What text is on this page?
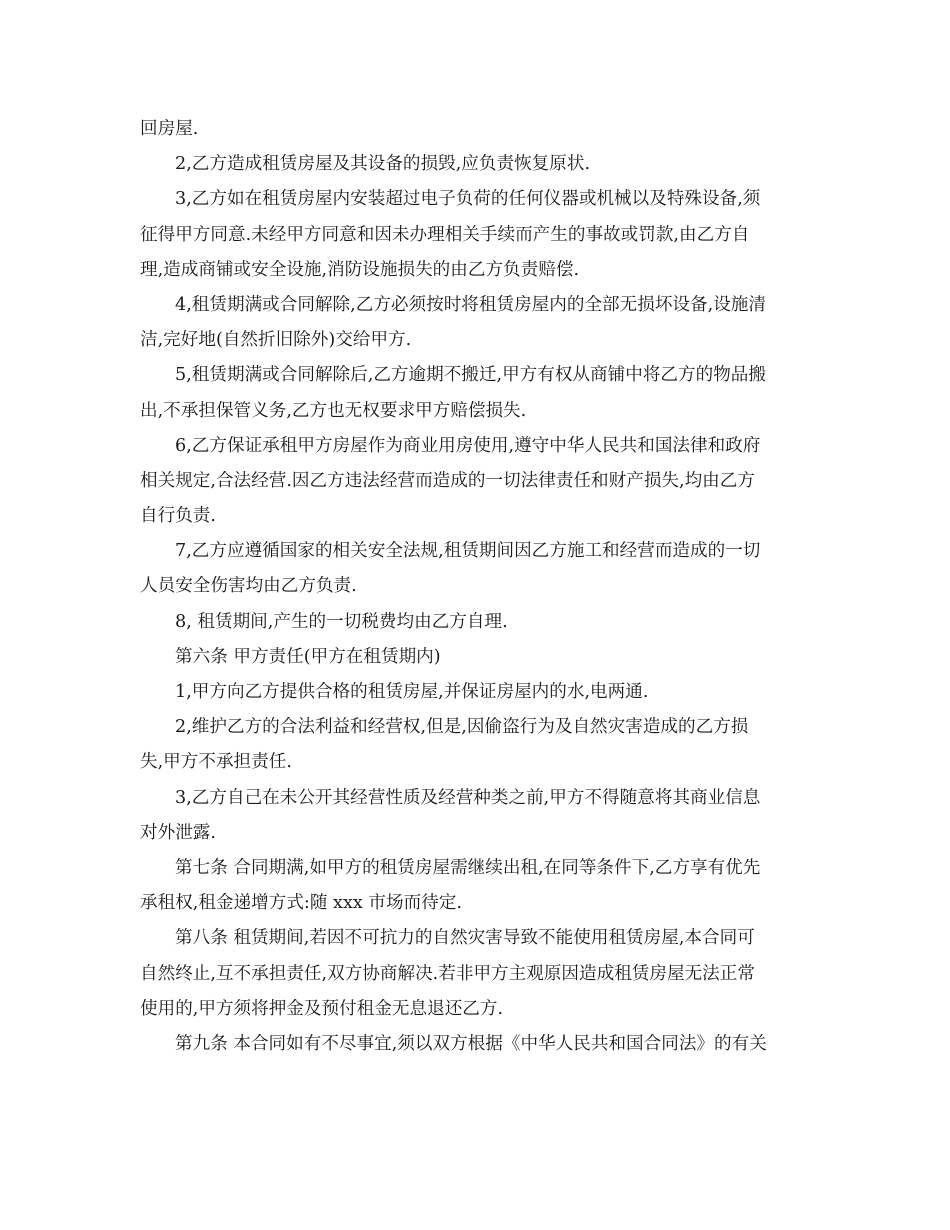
回房屋.
2,乙方造成租赁房屋及其设备的损毁,应负责恢复原状.
3,乙方如在租赁房屋内安装超过电子负荷的任何仪器或机械以及特殊设备,须
征得甲方同意.未经甲方同意和因未办理相关手续而产生的事故或罚款,由乙方自
理,造成商铺或安全设施,消防设施损失的由乙方负责赔偿.
4,租赁期满或合同解除,乙方必须按时将租赁房屋内的全部无损坏设备,设施清
洁,完好地(自然折旧除外)交给甲方.
5,租赁期满或合同解除后,乙方逾期不搬迁,甲方有权从商铺中将乙方的物品搬
出,不承担保管义务,乙方也无权要求甲方赔偿损失.
6,乙方保证承租甲方房屋作为商业用房使用,遵守中华人民共和国法律和政府
相关规定,合法经营.因乙方违法经营而造成的一切法律责任和财产损失,均由乙方
自行负责.
7,乙方应遵循国家的相关安全法规,租赁期间因乙方施工和经营而造成的一切
人员安全伤害均由乙方负责.
8, 租赁期间,产生的一切税费均由乙方自理.
第六条 甲方责任(甲方在租赁期内)
1,甲方向乙方提供合格的租赁房屋,并保证房屋内的水,电两通.
2,维护乙方的合法利益和经营权,但是,因偷盗行为及自然灾害造成的乙方损
失,甲方不承担责任.
3,乙方自己在未公开其经营性质及经营种类之前,甲方不得随意将其商业信息
对外泄露.
第七条 合同期满,如甲方的租赁房屋需继续出租,在同等条件下,乙方享有优先
承租权,租金递增方式:随 xxx 市场而待定.
第八条 租赁期间,若因不可抗力的自然灾害导致不能使用租赁房屋,本合同可
自然终止,互不承担责任,双方协商解决.若非甲方主观原因造成租赁房屋无法正常
使用的,甲方须将押金及预付租金无息退还乙方.
第九条 本合同如有不尽事宜,须以双方根据《中华人民共和国合同法》的有关
